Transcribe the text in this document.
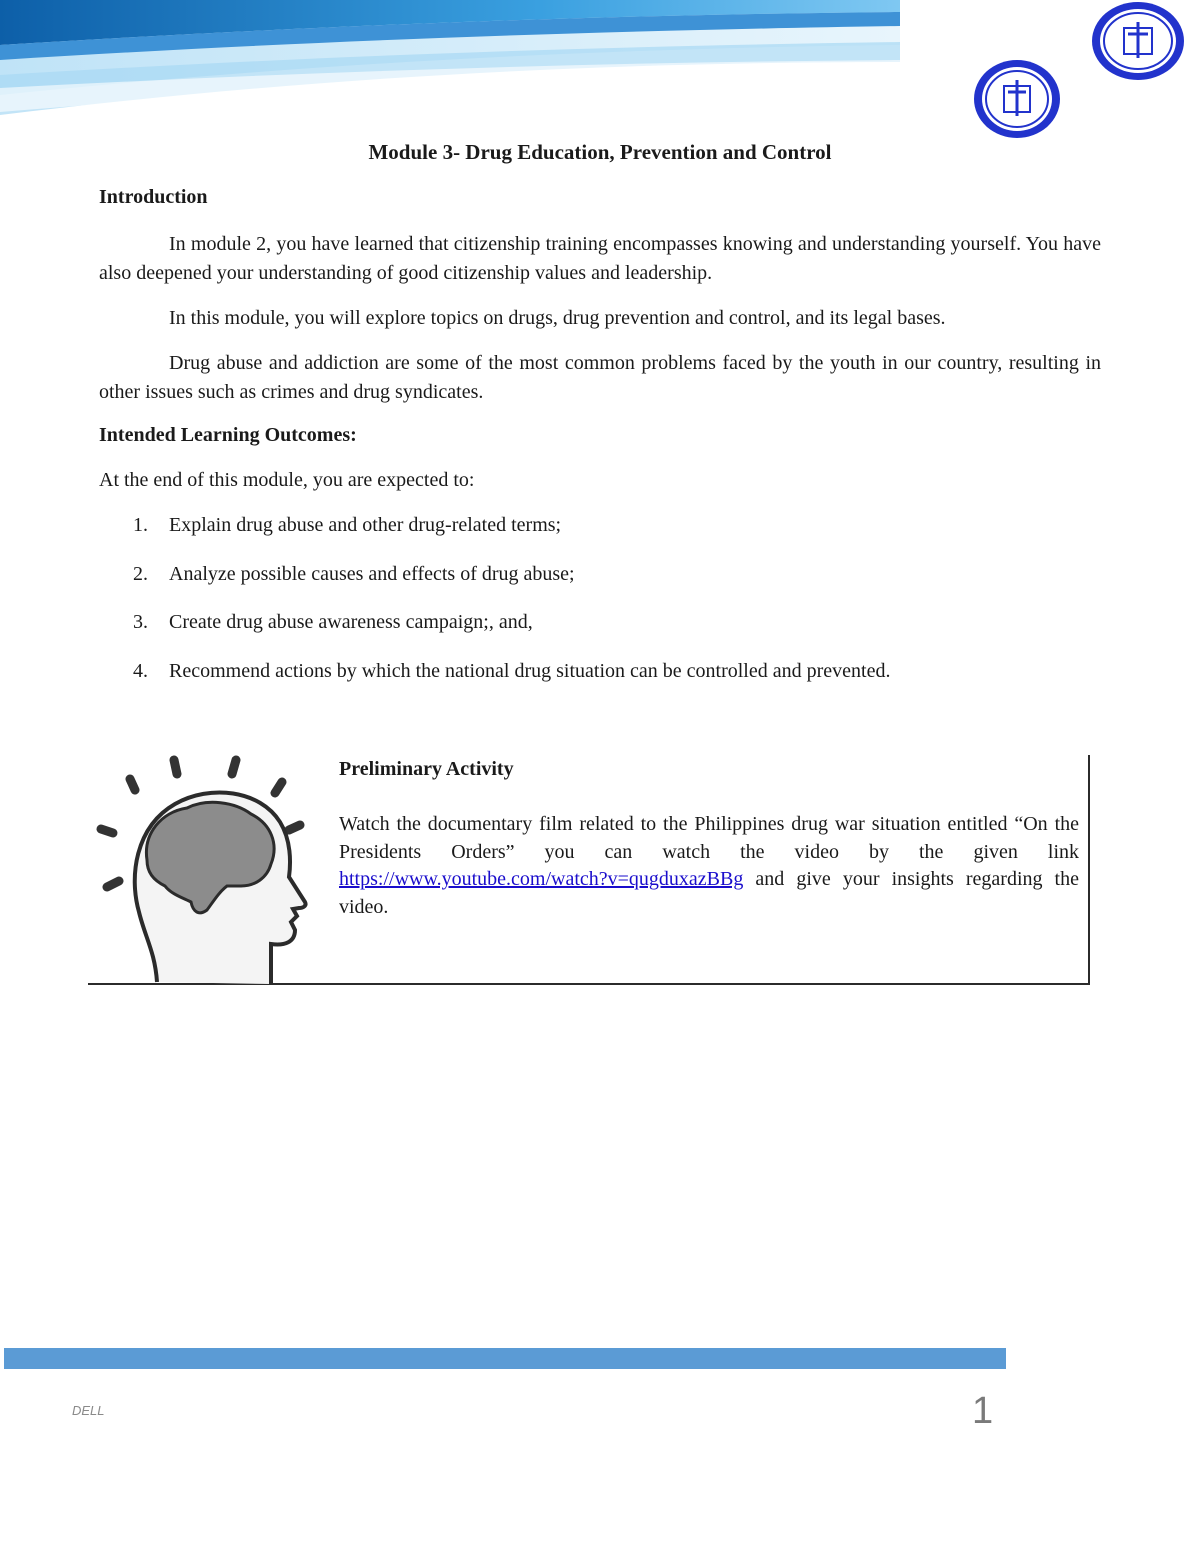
Module 3- Drug Education, Prevention and Control
Introduction

In module 2, you have learned that citizenship training encompasses knowing and understanding yourself. You have also deepened your understanding of good citizenship values and leadership.

In this module, you will explore topics on drugs, drug prevention and control, and its legal bases.

Drug abuse and addiction are some of the most common problems faced by the youth in our country, resulting in other issues such as crimes and drug syndicates.

Intended Learning Outcomes:
At the end of this module, you are expected to:
1. Explain drug abuse and other drug-related terms;
2. Analyze possible causes and effects of drug abuse;
3. Create drug abuse awareness campaign;, and,
4. Recommend actions by which the national drug situation can be controlled and prevented.
Preliminary Activity

Watch the documentary film related to the Philippines drug war situation entitled “On the Presidents Orders” you can watch the video by the given link https://www.youtube.com/watch?v=qugduxazBBg and give your insights regarding the video.

DELL	1
